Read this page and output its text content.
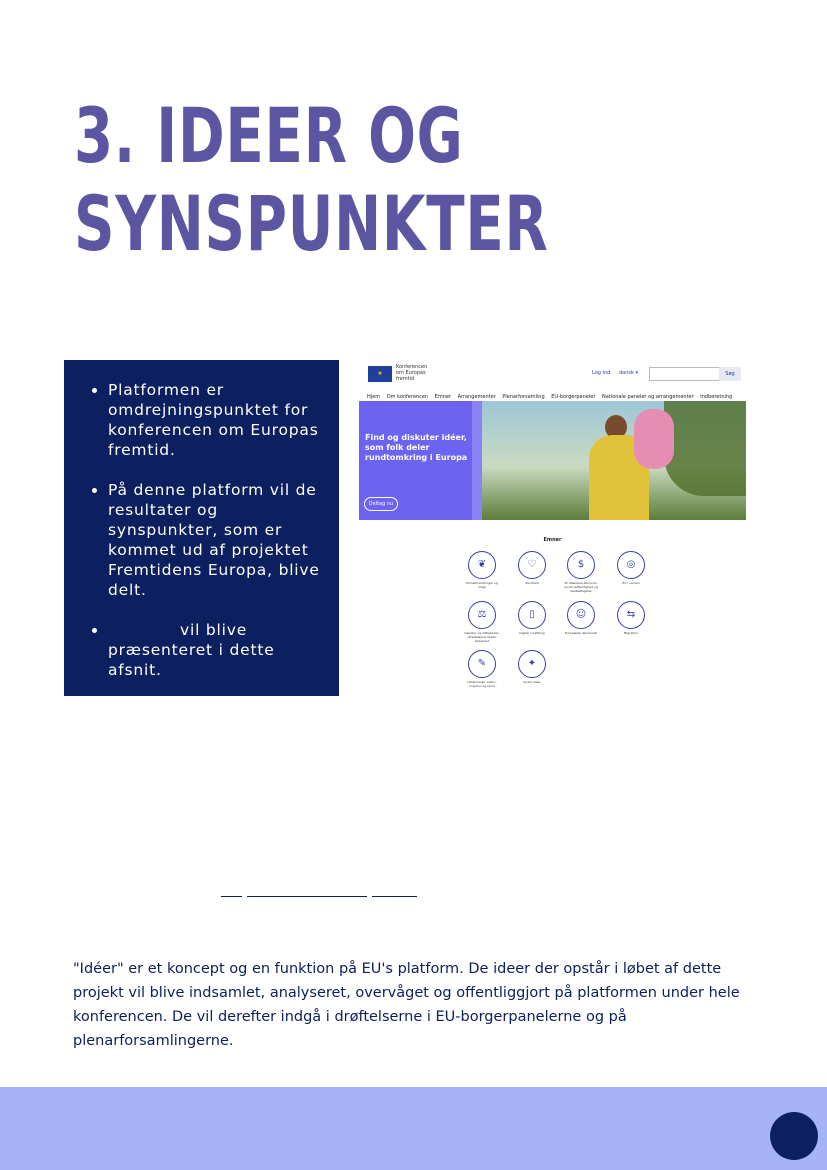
3. IDEER OG
SYNSPUNKTER
• Platformen er omdrejningspunktet for konferencen om Europas fremtid.
• På denne platform vil de resultater og synspunkter, som er kommet ud af projektet Fremtidens Europa, blive delt.
• vil blive præsenteret i dette afsnit.
★
Konferencen om Europas fremtid
Log ind dansk ▾	Søg
Hjem Om konferencen Emner Arrangementer Plenarforsamling EU-borgerpaneler Nationale paneler og arrangementer Indberetning
Find og diskuter idéer, som folk deler rundtomkring i Europa
Deltag nu
●●●●●
Emner
❦
Klimaforandringer og miljø
♡
Sundhed
$
En stærkere økonomi, social retfærdighed og beskæftigelse
◎
EU i verden
⚖
Værdier og rettigheder, retsstatsprincippet, sikkerhed
▯
Digital omstilling
☺
Europæisk demokrati
⇆
Migration
✎
Uddannelse, kultur, ungdom og sport
✦
Andre idéer

"Idéer" er et koncept og en funktion på EU's platform. De ideer der opstår i løbet af dette projekt vil blive indsamlet, analyseret, overvåget og offentliggjort på platformen under hele konferencen. De vil derefter indgå i drøftelserne i EU-borgerpanelerne og på plenarforsamlingerne.
